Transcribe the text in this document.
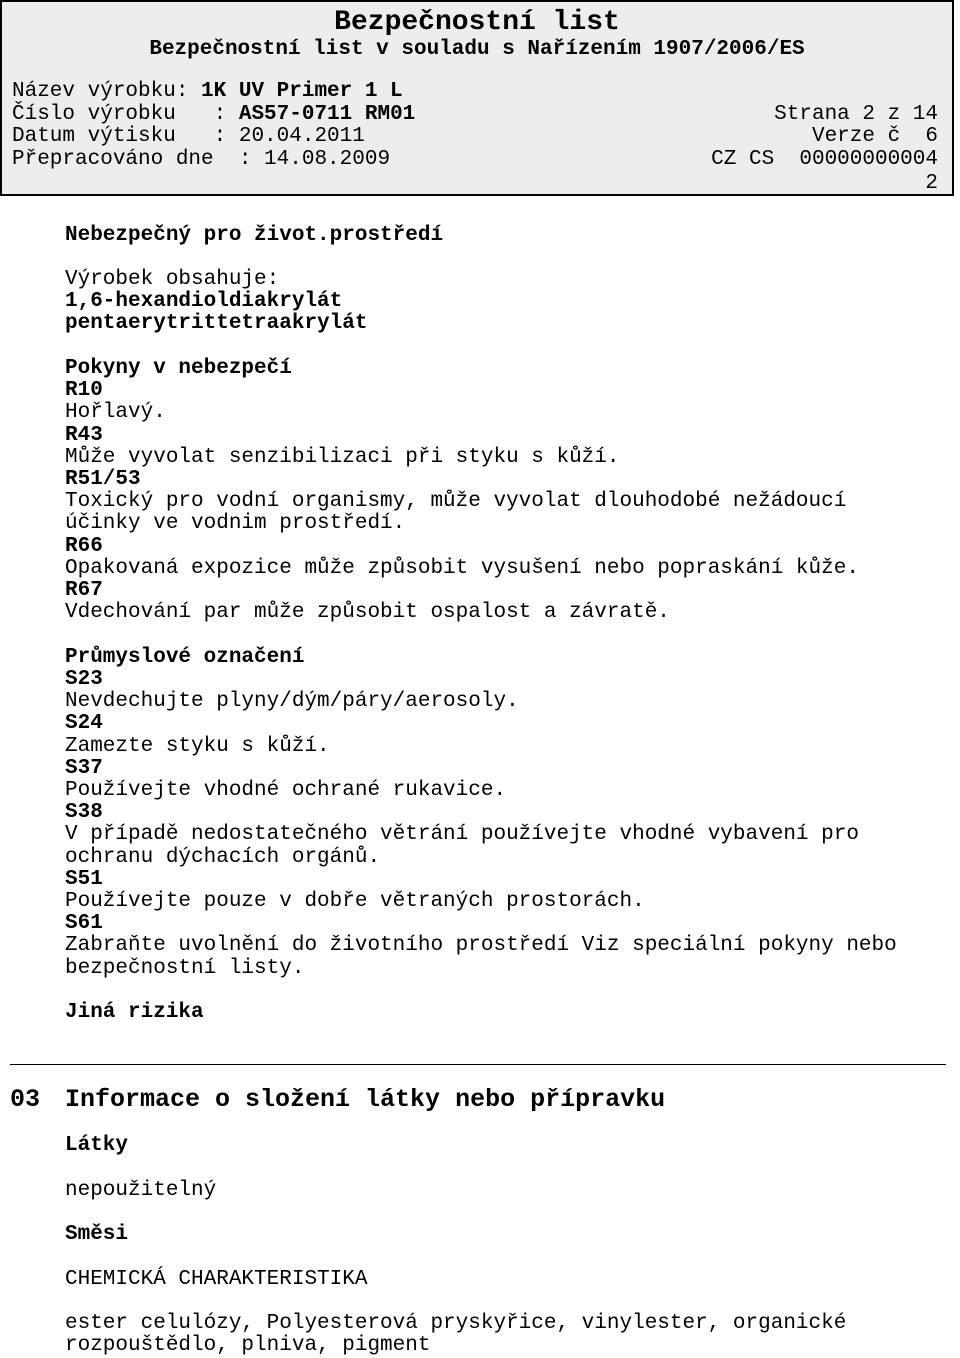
Bezpečnostní list
Bezpečnostní list v souladu s Nařízením 1907/2006/ES
Název výrobku: 1K UV Primer 1 L
Číslo výrobku   : AS57-0711 RM01	Strana 2 z 14
Datum výtisku   : 20.04.2011	Verze č  6
Přepracováno dne  : 14.08.2009	CZ CS  00000000004
2
Nebezpečný pro život.prostředí
Výrobek obsahuje:
1,6-hexandioldiakrylát
pentaerytrittetraakrylát
Pokyny v nebezpečí
R10
Hořlavý.
R43
Může vyvolat senzibilizaci při styku s kůží.
R51/53
Toxický pro vodní organismy, může vyvolat dlouhodobé nežádoucí
účinky ve vodnim prostředí.
R66
Opakovaná expozice může způsobit vysušení nebo popraskání kůže.
R67
Vdechování par může způsobit ospalost a závratě.
Průmyslové označení
S23
Nevdechujte plyny/dým/páry/aerosoly.
S24
Zamezte styku s kůží.
S37
Používejte vhodné ochrané rukavice.
S38
V případě nedostatečného větrání používejte vhodné vybavení pro
ochranu dýchacích orgánů.
S51
Používejte pouze v dobře větraných prostorách.
S61
Zabraňte uvolnění do životního prostředí Viz speciální pokyny nebo
bezpečnostní listy.
Jiná rizika
03 Informace o složení látky nebo přípravku
Látky
nepoužitelný
Směsi
CHEMICKÁ CHARAKTERISTIKA
ester celulózy, Polyesterová pryskyřice, vinylester, organické
rozpouštědlo, plniva, pigment
